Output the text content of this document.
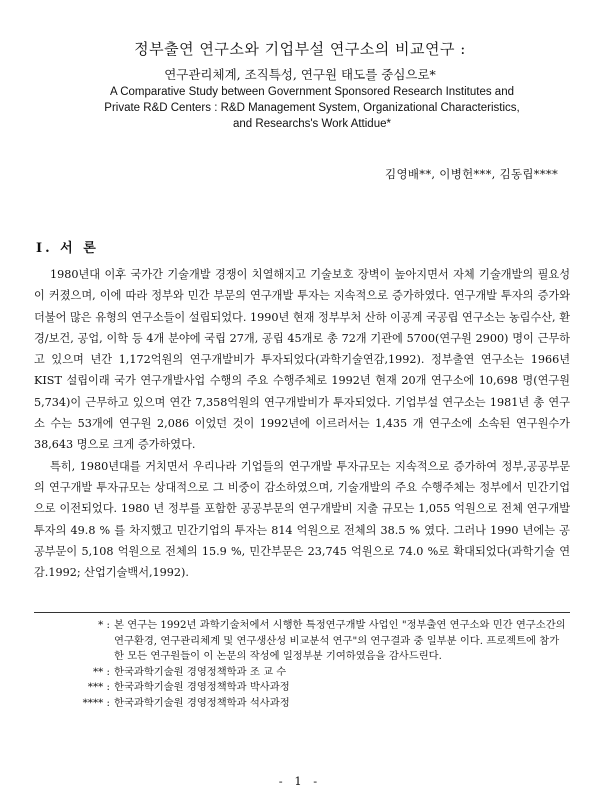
정부출연 연구소와 기업부설 연구소의 비교연구 :
연구관리체계, 조직특성, 연구원 태도를 중심으로*
A Comparative Study between Government Sponsored Research Institutes and
Private R&D Centers : R&D Management System, Organizational Characteristics,
and Researchs's Work Attidue*
김영배**, 이병헌***, 김동립****
I. 서 론

1980년대 이후 국가간 기술개발 경쟁이 치열해지고 기술보호 장벽이 높아지면서 자체 기술개발의 필요성이 커졌으며, 이에 따라 정부와 민간 부문의 연구개발 투자는 지속적으로 증가하였다. 연구개발 투자의 증가와 더불어 많은 유형의 연구소들이 설립되었다. 1990년 현재 정부부처 산하 이공계 국공립 연구소는 농림수산, 환경/보건, 공업, 이학 등 4개 분야에 국립 27개, 공립 45개로 총 72개 기관에 5700(연구원 2900) 명이 근무하고 있으며 년간 1,172억원의 연구개발비가 투자되었다(과학기술연감,1992). 정부출연 연구소는 1966년 KIST 설립이래 국가 연구개발사업 수행의 주요 수행주체로 1992년 현재 20개 연구소에 10,698 명(연구원 5,734)이 근무하고 있으며 연간 7,358억원의 연구개발비가 투자되었다. 기업부설 연구소는 1981년 총 연구소 수는 53개에 연구원 2,086 이었던 것이 1992년에 이르러서는 1,435 개 연구소에 소속된 연구원수가 38,643 명으로 크게 증가하였다.

특히, 1980년대를 거치면서 우리나라 기업들의 연구개발 투자규모는 지속적으로 증가하여 정부,공공부문의 연구개발 투자규모는 상대적으로 그 비중이 감소하였으며, 기술개발의 주요 수행주체는 정부에서 민간기업으로 이전되었다. 1980 년 정부를 포함한 공공부문의 연구개발비 지출 규모는 1,055 억원으로 전체 연구개발 투자의 49.8 % 를 차지했고 민간기업의 투자는 814 억원으로 전체의 38.5 % 였다. 그러나 1990 년에는 공공부문이 5,108 억원으로 전체의 15.9 %, 민간부문은 23,745 억원으로 74.0 %로 확대되었다(과학기술 연감.1992; 산업기술백서,1992).

* : 본 연구는 1992년 과학기술처에서 시행한 특정연구개발 사업인 "정부출연 연구소와 민간 연구소간의 연구환경, 연구관리체계 및 연구생산성 비교분석 연구"의 연구결과 중 일부분 이다. 프로젝트에 참가한 모든 연구원들이 이 논문의 작성에 일정부분 기여하였음을 감사드린다.
** : 한국과학기술원 경영정책학과 조 교 수
*** : 한국과학기술원 경영정책학과 박사과정
**** : 한국과학기술원 경영정책학과 석사과정
- 1 -
